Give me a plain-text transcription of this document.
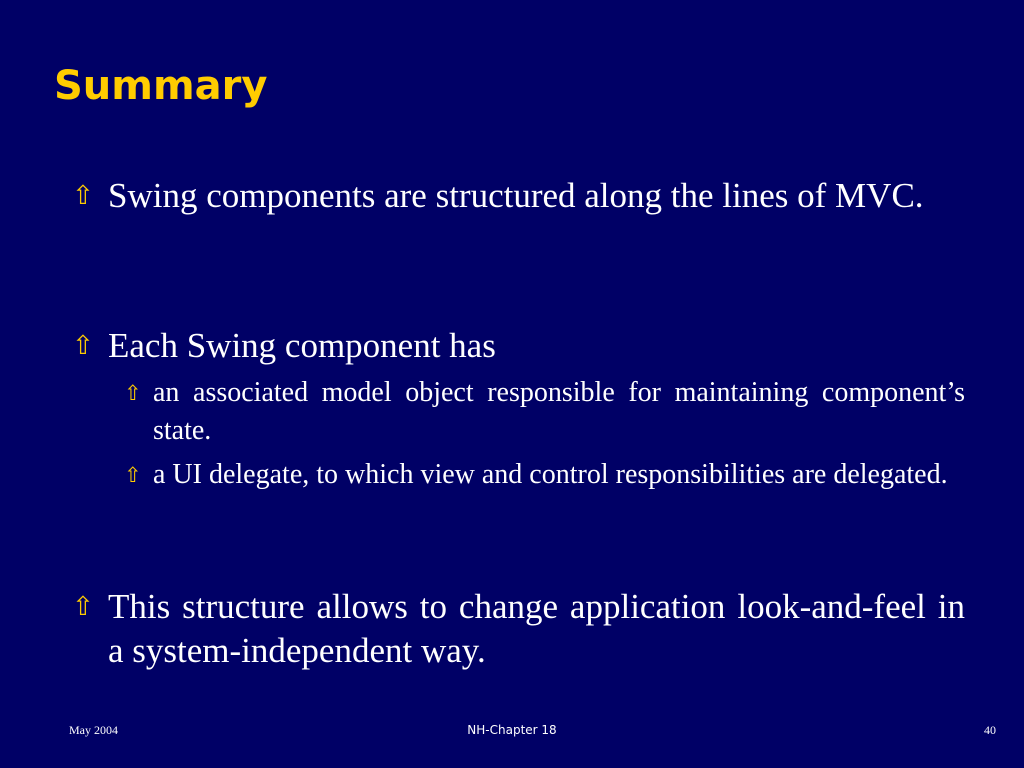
Summary
⇧ Swing components are structured along the lines of MVC.
⇧ Each Swing component has
⇧ an associated model object responsible for maintaining component’s state.
⇧ a UI delegate, to which view and control responsibilities are delegated.
⇧ This structure allows to change application look-and-feel in a system-independent way.
May 2004	NH-Chapter 18	40
